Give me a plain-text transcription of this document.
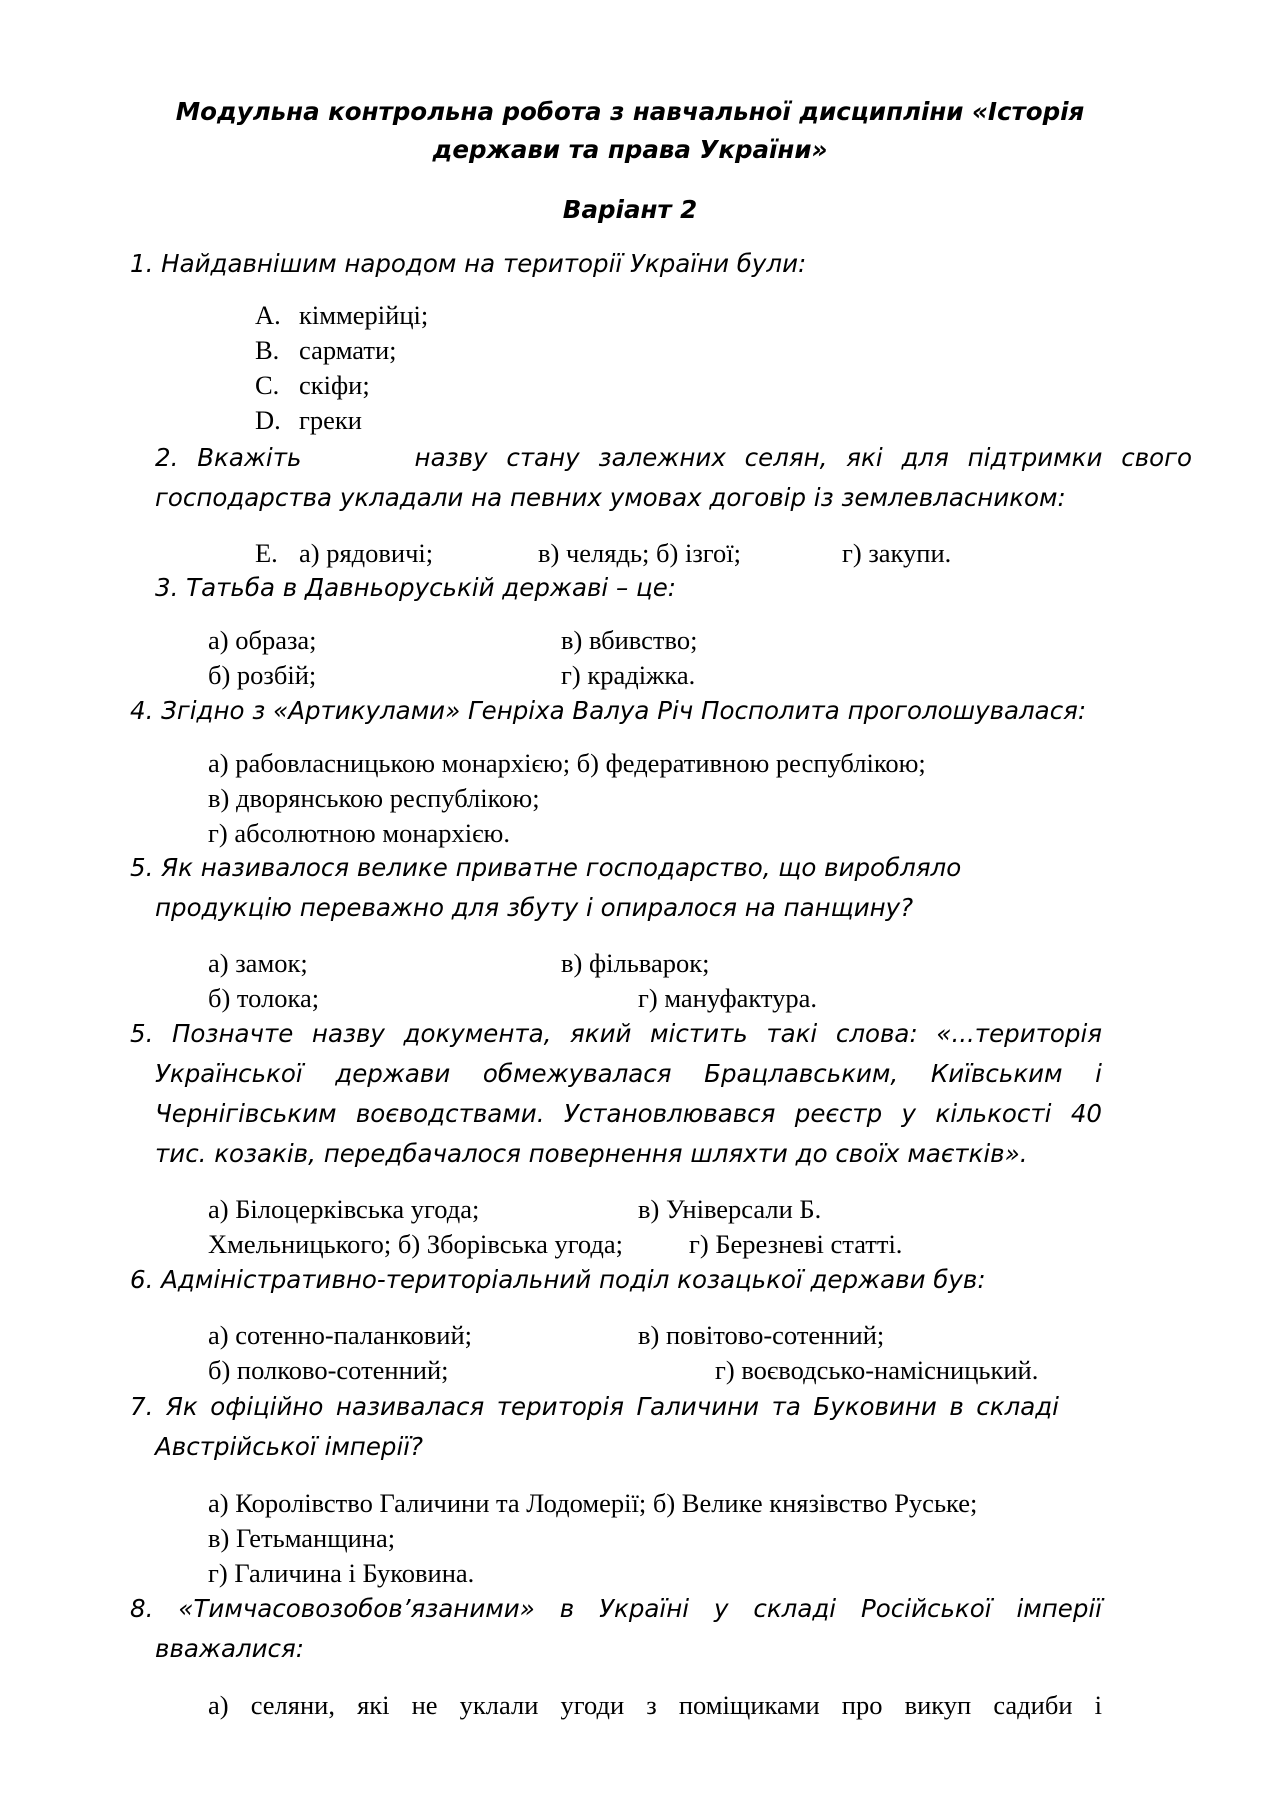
Модульна контрольна робота з навчальної дисципліни «Історія
держави та права України»
Варіант 2
1. Найдавнішим народом на території України були:
A. кіммерійці;
B. сармати;
C. скіфи;
D. греки
2. Вкажіть      назву стану залежних селян, які для підтримки свого
господарства укладали на певних умовах договір із землевласником:
E. а) рядовичі;	в) челядь; б) ізгої;	г) закупи.
3. Татьба в Давньоруській державі – це:
а) образа;	в) вбивство;
б) розбій;	г) крадіжка.
4. Згідно з «Артикулами» Генріха Валуа Річ Посполита проголошувалася:
а) рабовласницькою монархією; б) федеративною республікою;
в) дворянською республікою;
г) абсолютною монархією.
5. Як називалося велике приватне господарство, що виробляло
продукцію переважно для збуту і опиралося на панщину?
а) замок;	в) фільварок;
б) толока;	г) мануфактура.
5. Позначте назву документа, який містить такі слова: «...територія
Української держави обмежувалася Брацлавським, Київським і
Чернігівським воєводствами. Установлювався реєстр у кількості 40
тис. козаків, передбачалося повернення шляхти до своїх маєтків».
а) Білоцерківська угода;	в) Універсали Б.
Хмельницького; б) Зборівська угода; г) Березневі статті.
6. Адміністративно-територіальний поділ козацької держави був:
а) сотенно-паланковий;	в) повітово-сотенний;
б) полково-сотенний;	г) воєводсько-намісницький.
7. Як офіційно називалася територія Галичини та Буковини в складі
Австрійської імперії?
а) Королівство Галичини та Лодомерії; б) Велике князівство Руське;
в) Гетьманщина;
г) Галичина і Буковина.
8. «Тимчасовозобов’язаними» в Україні у складі Російської імперії
вважалися:
а) селяни, які не уклали угоди з поміщиками про викуп садиби і
